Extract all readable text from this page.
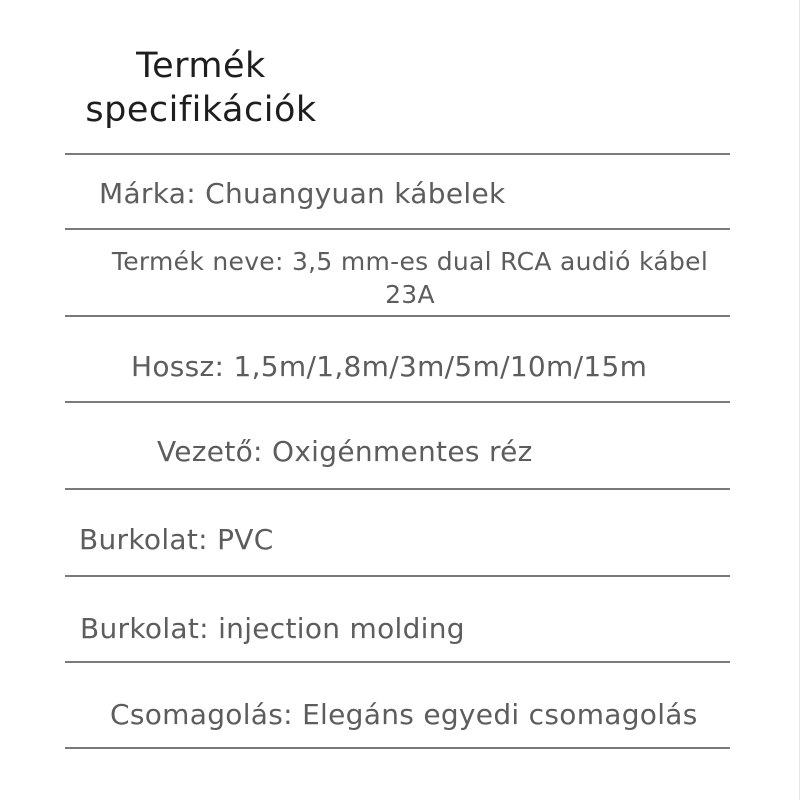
Termék
specifikációk
Márka: Chuangyuan kábelek
Termék neve: 3,5 mm-es dual RCA audió kábel
23A
Hossz: 1,5m/1,8m/3m/5m/10m/15m
Vezető: Oxigénmentes réz
Burkolat: PVC
Burkolat: injection molding
Csomagolás: Elegáns egyedi csomagolás
